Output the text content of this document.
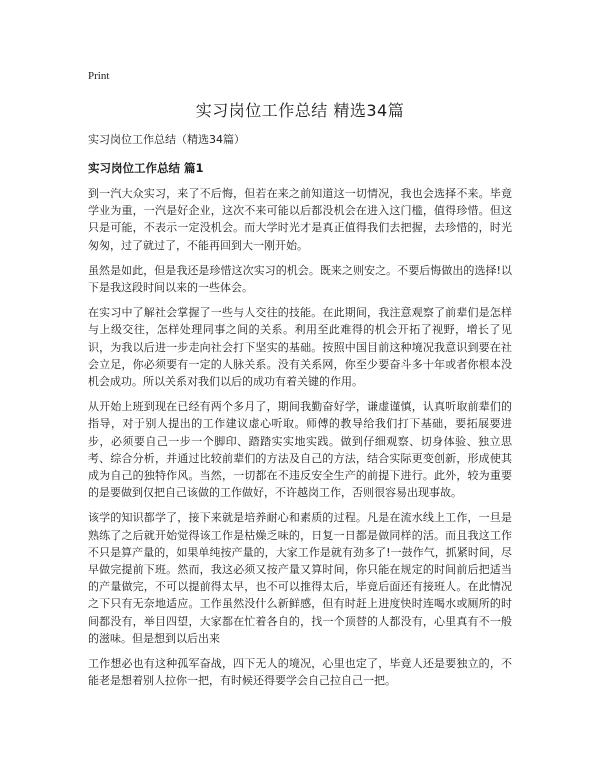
Print
实习岗位工作总结 精选34篇

实习岗位工作总结（精选34篇）

实习岗位工作总结 篇1

到一汽大众实习，来了不后悔，但若在来之前知道这一切情况，我也会选择不来。毕竟学业为重，一汽是好企业，这次不来可能以后都没机会在进入这门槛，值得珍惜。但这只是可能，不表示一定没机会。而大学时光才是真正值得我们去把握，去珍惜的，时光匆匆，过了就过了，不能再回到大一刚开始。

虽然是如此，但是我还是珍惜这次实习的机会。既来之则安之。不要后悔做出的选择!以下是我这段时间以来的一些体会。

在实习中了解社会掌握了一些与人交往的技能。在此期间，我注意观察了前辈们是怎样与上级交往，怎样处理同事之间的关系。利用至此难得的机会开拓了视野，增长了见识，为我以后进一步走向社会打下坚实的基础。按照中国目前这种境况我意识到要在社会立足，你必须要有一定的人脉关系。没有关系网，你至少要奋斗多十年或者你根本没机会成功。所以关系对我们以后的成功有着关键的作用。

从开始上班到现在已经有两个多月了，期间我勤奋好学，谦虚谨慎，认真听取前辈们的指导，对于别人提出的工作建议虚心听取。师傅的教导给我们打下基础，要拓展要进步，必须要自己一步一个脚印、踏踏实实地实践。做到仔细观察、切身体验、独立思考、综合分析，并通过比较前辈们的方法及自己的方法，结合实际更变创新，形成使其成为自己的独特作风。当然，一切都在不违反安全生产的前提下进行。此外，较为重要的是要做到仅把自己该做的工作做好，不许越岗工作，否则很容易出现事故。

该学的知识都学了，接下来就是培养耐心和素质的过程。凡是在流水线上工作，一旦是熟练了之后就开始觉得该工作是枯燥乏味的，日复一日都是做同样的活。而且我这工作不只是算产量的，如果单纯按产量的，大家工作是就有劲多了!一鼓作气，抓紧时间，尽早做完提前下班。然而，我这必须又按产量又算时间，你只能在规定的时间前后把适当的产量做完，不可以提前得太早，也不可以推得太后，毕竟后面还有接班人。在此情况之下只有无奈地适应。工作虽然没什么新鲜感，但有时赶上进度快时连喝水或厕所的时间都没有，举目四望，大家都在忙着各自的，找一个顶替的人都没有，心里真有不一般的滋味。但是想到以后出来

工作想必也有这种孤军奋战，四下无人的境况，心里也定了，毕竟人还是要独立的，不能老是想着别人拉你一把，有时候还得要学会自己拉自己一把。
